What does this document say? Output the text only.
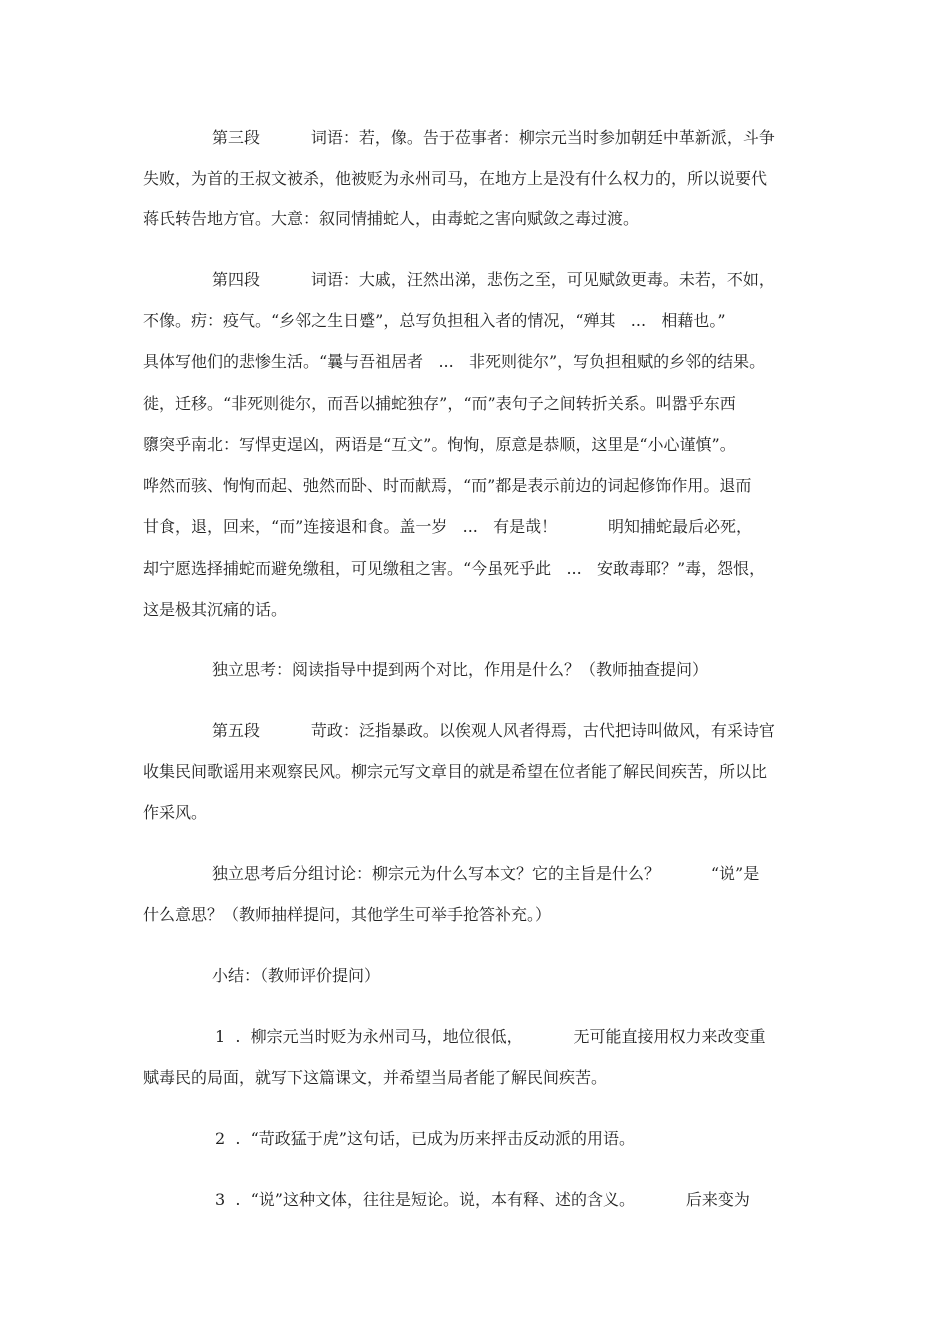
第三段          词语：若，像。告于莅事者：柳宗元当时参加朝廷中革新派，斗争
失败，为首的王叔文被杀，他被贬为永州司马，在地方上是没有什么权力的，所以说要代
蒋氏转告地方官。大意：叙同情捕蛇人，由毒蛇之害向赋敛之毒过渡。
第四段          词语：大戚，汪然出涕，悲伤之至，可见赋敛更毒。未若，不如，
不像。疠：疫气。“乡邻之生日蹙”，总写负担租入者的情况，“殚其   ...   相藉也。”
具体写他们的悲惨生活。“曩与吾祖居者   ...   非死则徙尔”，写负担租赋的乡邻的结果。
徙，迁移。“非死则徙尔，而吾以捕蛇独存”，“而”表句子之间转折关系。叫嚣乎东西
隳突乎南北：写悍吏逞凶，两语是“互文”。恂恂，原意是恭顺，这里是“小心谨慎”。
哗然而骇、恂恂而起、弛然而卧、时而献焉，“而”都是表示前边的词起修饰作用。退而
甘食，退，回来，“而”连接退和食。盖一岁   ...   有是哉！          明知捕蛇最后必死，
却宁愿选择捕蛇而避免缴租，可见缴租之害。“今虽死乎此   ...   安敢毒耶？”毒，怨恨，
这是极其沉痛的话。
独立思考：阅读指导中提到两个对比，作用是什么？（教师抽查提问）
第五段          苛政：泛指暴政。以俟观人风者得焉，古代把诗叫做风，有采诗官
收集民间歌谣用来观察民风。柳宗元写文章目的就是希望在位者能了解民间疾苦，所以比
作采风。
独立思考后分组讨论：柳宗元为什么写本文？它的主旨是什么？          “说”是
什么意思？（教师抽样提问，其他学生可举手抢答补充。）
小结：（教师评价提问）
1  .  柳宗元当时贬为永州司马，地位很低，          无可能直接用权力来改变重
赋毒民的局面，就写下这篇课文，并希望当局者能了解民间疾苦。
2  .  “苛政猛于虎”这句话，已成为历来抨击反动派的用语。
3  .  “说”这种文体，往往是短论。说，本有释、述的含义。          后来变为
